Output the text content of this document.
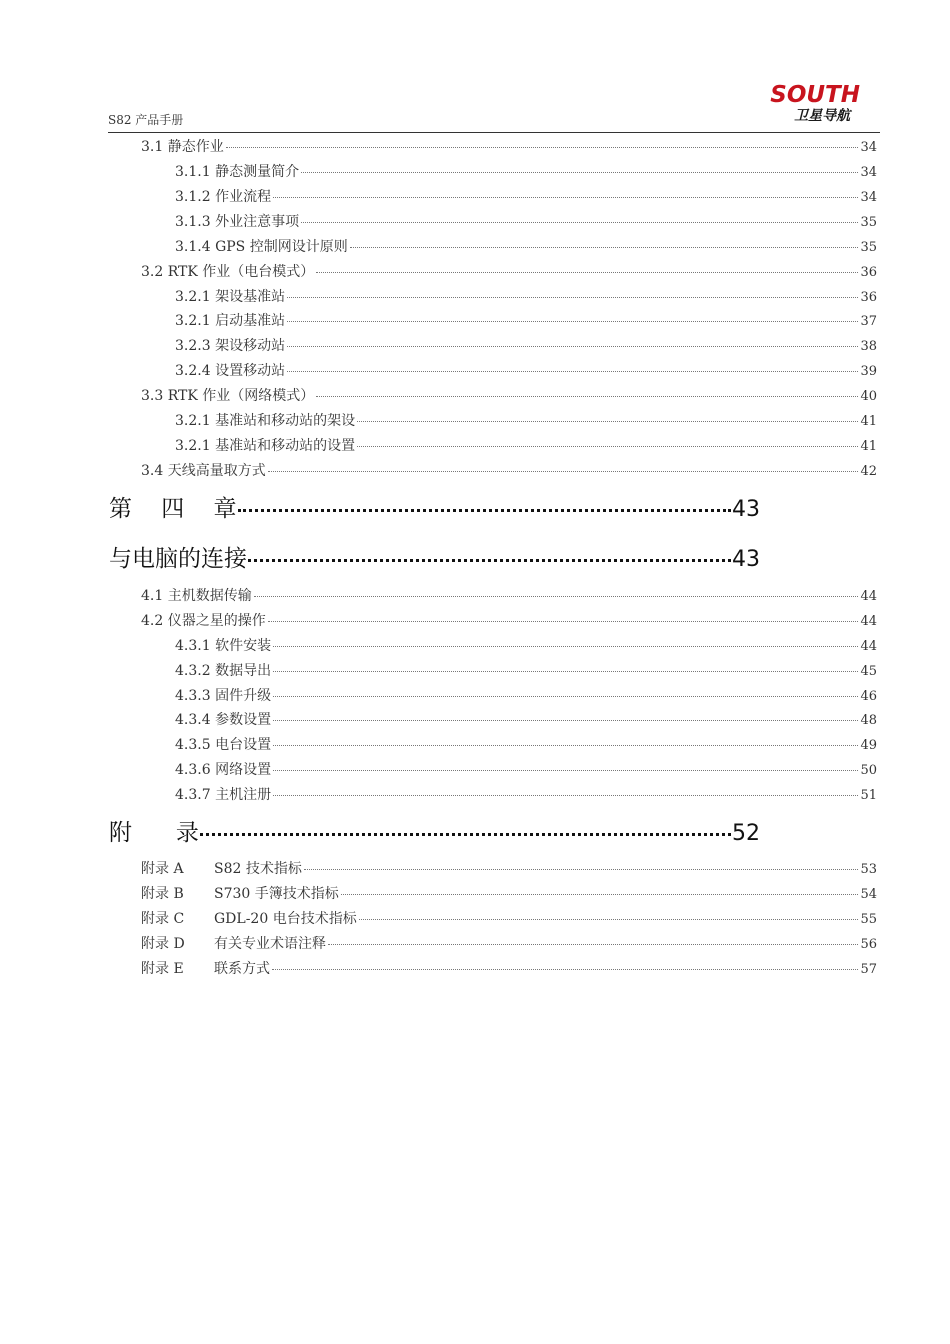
S82 产品手册
SOUTH
卫星导航
3.1 静态作业	34
3.1.1 静态测量简介	34
3.1.2 作业流程	34
3.1.3 外业注意事项	35
3.1.4 GPS 控制网设计原则	35
3.2 RTK 作业（电台模式）	36
3.2.1 架设基准站	36
3.2.1 启动基准站	37
3.2.3 架设移动站	38
3.2.4 设置移动站	39
3.3 RTK 作业（网络模式）	40
3.2.1 基准站和移动站的架设	41
3.2.1 基准站和移动站的设置	41
3.4 天线高量取方式	42
第    四    章	43
与电脑的连接	43
4.1 主机数据传输	44
4.2 仪器之星的操作	44
4.3.1 软件安装	44
4.3.2 数据导出	45
4.3.3 固件升级	46
4.3.4 参数设置	48
4.3.5 电台设置	49
4.3.6 网络设置	50
4.3.7 主机注册	51
附      录	52
附录 A S82 技术指标	53
附录 B S730 手簿技术指标	54
附录 C GDL-20 电台技术指标	55
附录 D 有关专业术语注释	56
附录 E 联系方式	57
